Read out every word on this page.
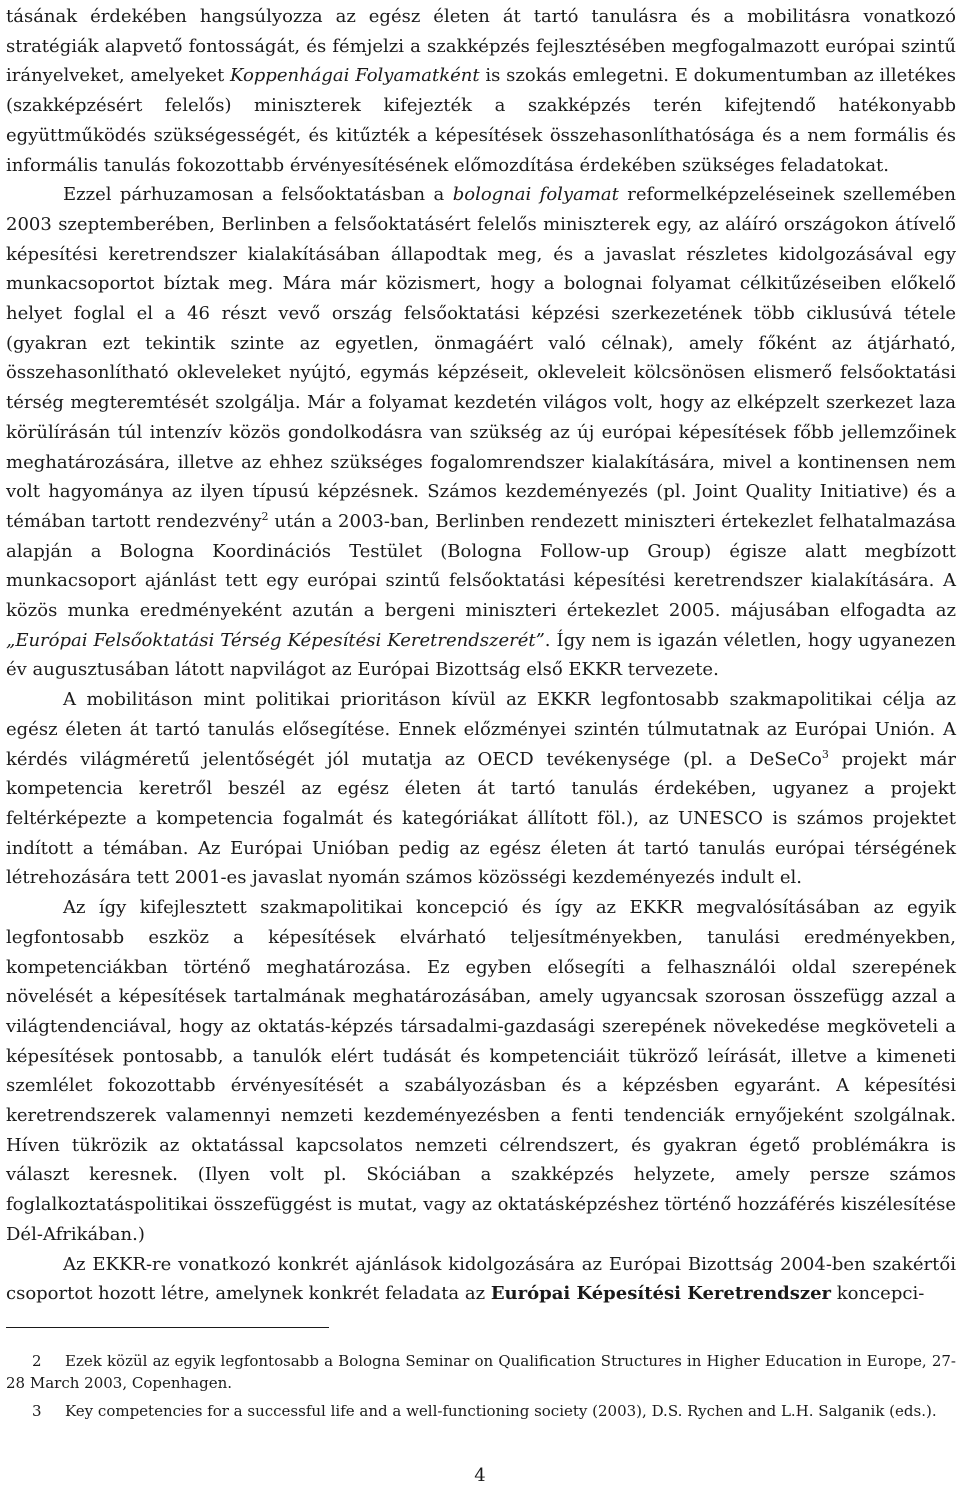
tásának érdekében hangsúlyozza az egész életen át tartó tanulásra és a mobilitásra vonatkozó stratégiák alapvető fontosságát, és fémjelzi a szakképzés fejlesztésében megfogalmazott európai szintű irányelveket, amelyeket Koppenhágai Folyamatként is szokás emlegetni. E dokumentumban az illetékes (szakképzésért felelős) miniszterek kifejezték a szakképzés terén kifejtendő hatékonyabb együttműködés szükségességét, és kitűzték a képesítések összehasonlíthatósága és a nem formális és informális tanulás fokozottabb érvényesítésének előmozdítása érdekében szükséges feladatokat.

Ezzel párhuzamosan a felsőoktatásban a bolognai folyamat reformelképzeléseinek szellemében 2003 szeptemberében, Berlinben a felsőoktatásért felelős miniszterek egy, az aláíró országokon átívelő képesítési keretrendszer kialakításában állapodtak meg, és a javaslat részletes kidolgozásával egy munkacsoportot bíztak meg. Mára már közismert, hogy a bolognai folyamat célkitűzéseiben előkelő helyet foglal el a 46 részt vevő ország felsőoktatási képzési szerkezetének több ciklusúvá tétele (gyakran ezt tekintik szinte az egyetlen, önmagáért való célnak), amely főként az átjárható, összehasonlítható okleveleket nyújtó, egymás képzéseit, okleveleit kölcsönösen elismerő felsőoktatási térség megteremtését szolgálja. Már a folyamat kezdetén világos volt, hogy az elképzelt szerkezet laza körülírásán túl intenzív közös gondolkodásra van szükség az új európai képesítések főbb jellemzőinek meghatározására, illetve az ehhez szükséges fogalomrendszer kialakítására, mivel a kontinensen nem volt hagyománya az ilyen típusú képzésnek. Számos kezdeményezés (pl. Joint Quality Initiative) és a témában tartott rendezvény$^2$ után a 2003-ban, Berlinben rendezett miniszteri értekezlet felhatalmazása alapján a Bologna Koordinációs Testület (Bologna Follow-up Group) égisze alatt megbízott munkacsoport ajánlást tett egy európai szintű felsőoktatási képesítési keretrendszer kialakítására. A közös munka eredményeként azután a bergeni miniszteri értekezlet 2005. májusában elfogadta az „Európai Felsőoktatási Térség Képesítési Keretrendszerét”. Így nem is igazán véletlen, hogy ugyanezen év augusztusában látott napvilágot az Európai Bizottság első EKKR tervezete.

A mobilitáson mint politikai prioritáson kívül az EKKR legfontosabb szakmapolitikai célja az egész életen át tartó tanulás elősegítése. Ennek előzményei szintén túlmutatnak az Európai Unión. A kérdés világméretű jelentőségét jól mutatja az OECD tevékenysége (pl. a DeSeCo$^3$ projekt már kompetencia keretről beszél az egész életen át tartó tanulás érdekében, ugyanez a projekt feltérképezte a kompetencia fogalmát és kategóriákat állított föl.), az UNESCO is számos projektet indított a témában. Az Európai Unióban pedig az egész életen át tartó tanulás európai térségének létrehozására tett 2001-es javaslat nyomán számos közösségi kezdeményezés indult el.

Az így kifejlesztett szakmapolitikai koncepció és így az EKKR megvalósításában az egyik legfontosabb eszköz a képesítések elvárható teljesítményekben, tanulási eredményekben, kompetenciákban történő meghatározása. Ez egyben elősegíti a felhasználói oldal szerepének növelését a képesítések tartalmának meghatározásában, amely ugyancsak szorosan összefügg azzal a világtendenciával, hogy az oktatás-képzés társadalmi-gazdasági szerepének növekedése megköveteli a képesítések pontosabb, a tanulók elért tudását és kompetenciáit tükröző leírását, illetve a kimeneti szemlélet fokozottabb érvényesítését a szabályozásban és a képzésben egyaránt. A képesítési keretrendszerek valamennyi nemzeti kezdeményezésben a fenti tendenciák ernyőjeként szolgálnak. Híven tükrözik az oktatással kapcsolatos nemzeti célrendszert, és gyakran égető problémákra is választ keresnek. (Ilyen volt pl. Skóciában a szakképzés helyzete, amely persze számos foglalkoztatáspolitikai összefüggést is mutat, vagy az oktatásképzéshez történő hozzáférés kiszélesítése Dél-Afrikában.)

Az EKKR-re vonatkozó konkrét ajánlások kidolgozására az Európai Bizottság 2004-ben szakértői csoportot hozott létre, amelynek konkrét feladata az Európai Képesítési Keretrendszer koncepci-

2 Ezek közül az egyik legfontosabb a Bologna Seminar on Qualification Structures in Higher Education in Europe, 27-28 March 2003, Copenhagen.

3 Key competencies for a successful life and a well-functioning society (2003), D.S. Rychen and L.H. Salganik (eds.).

4
